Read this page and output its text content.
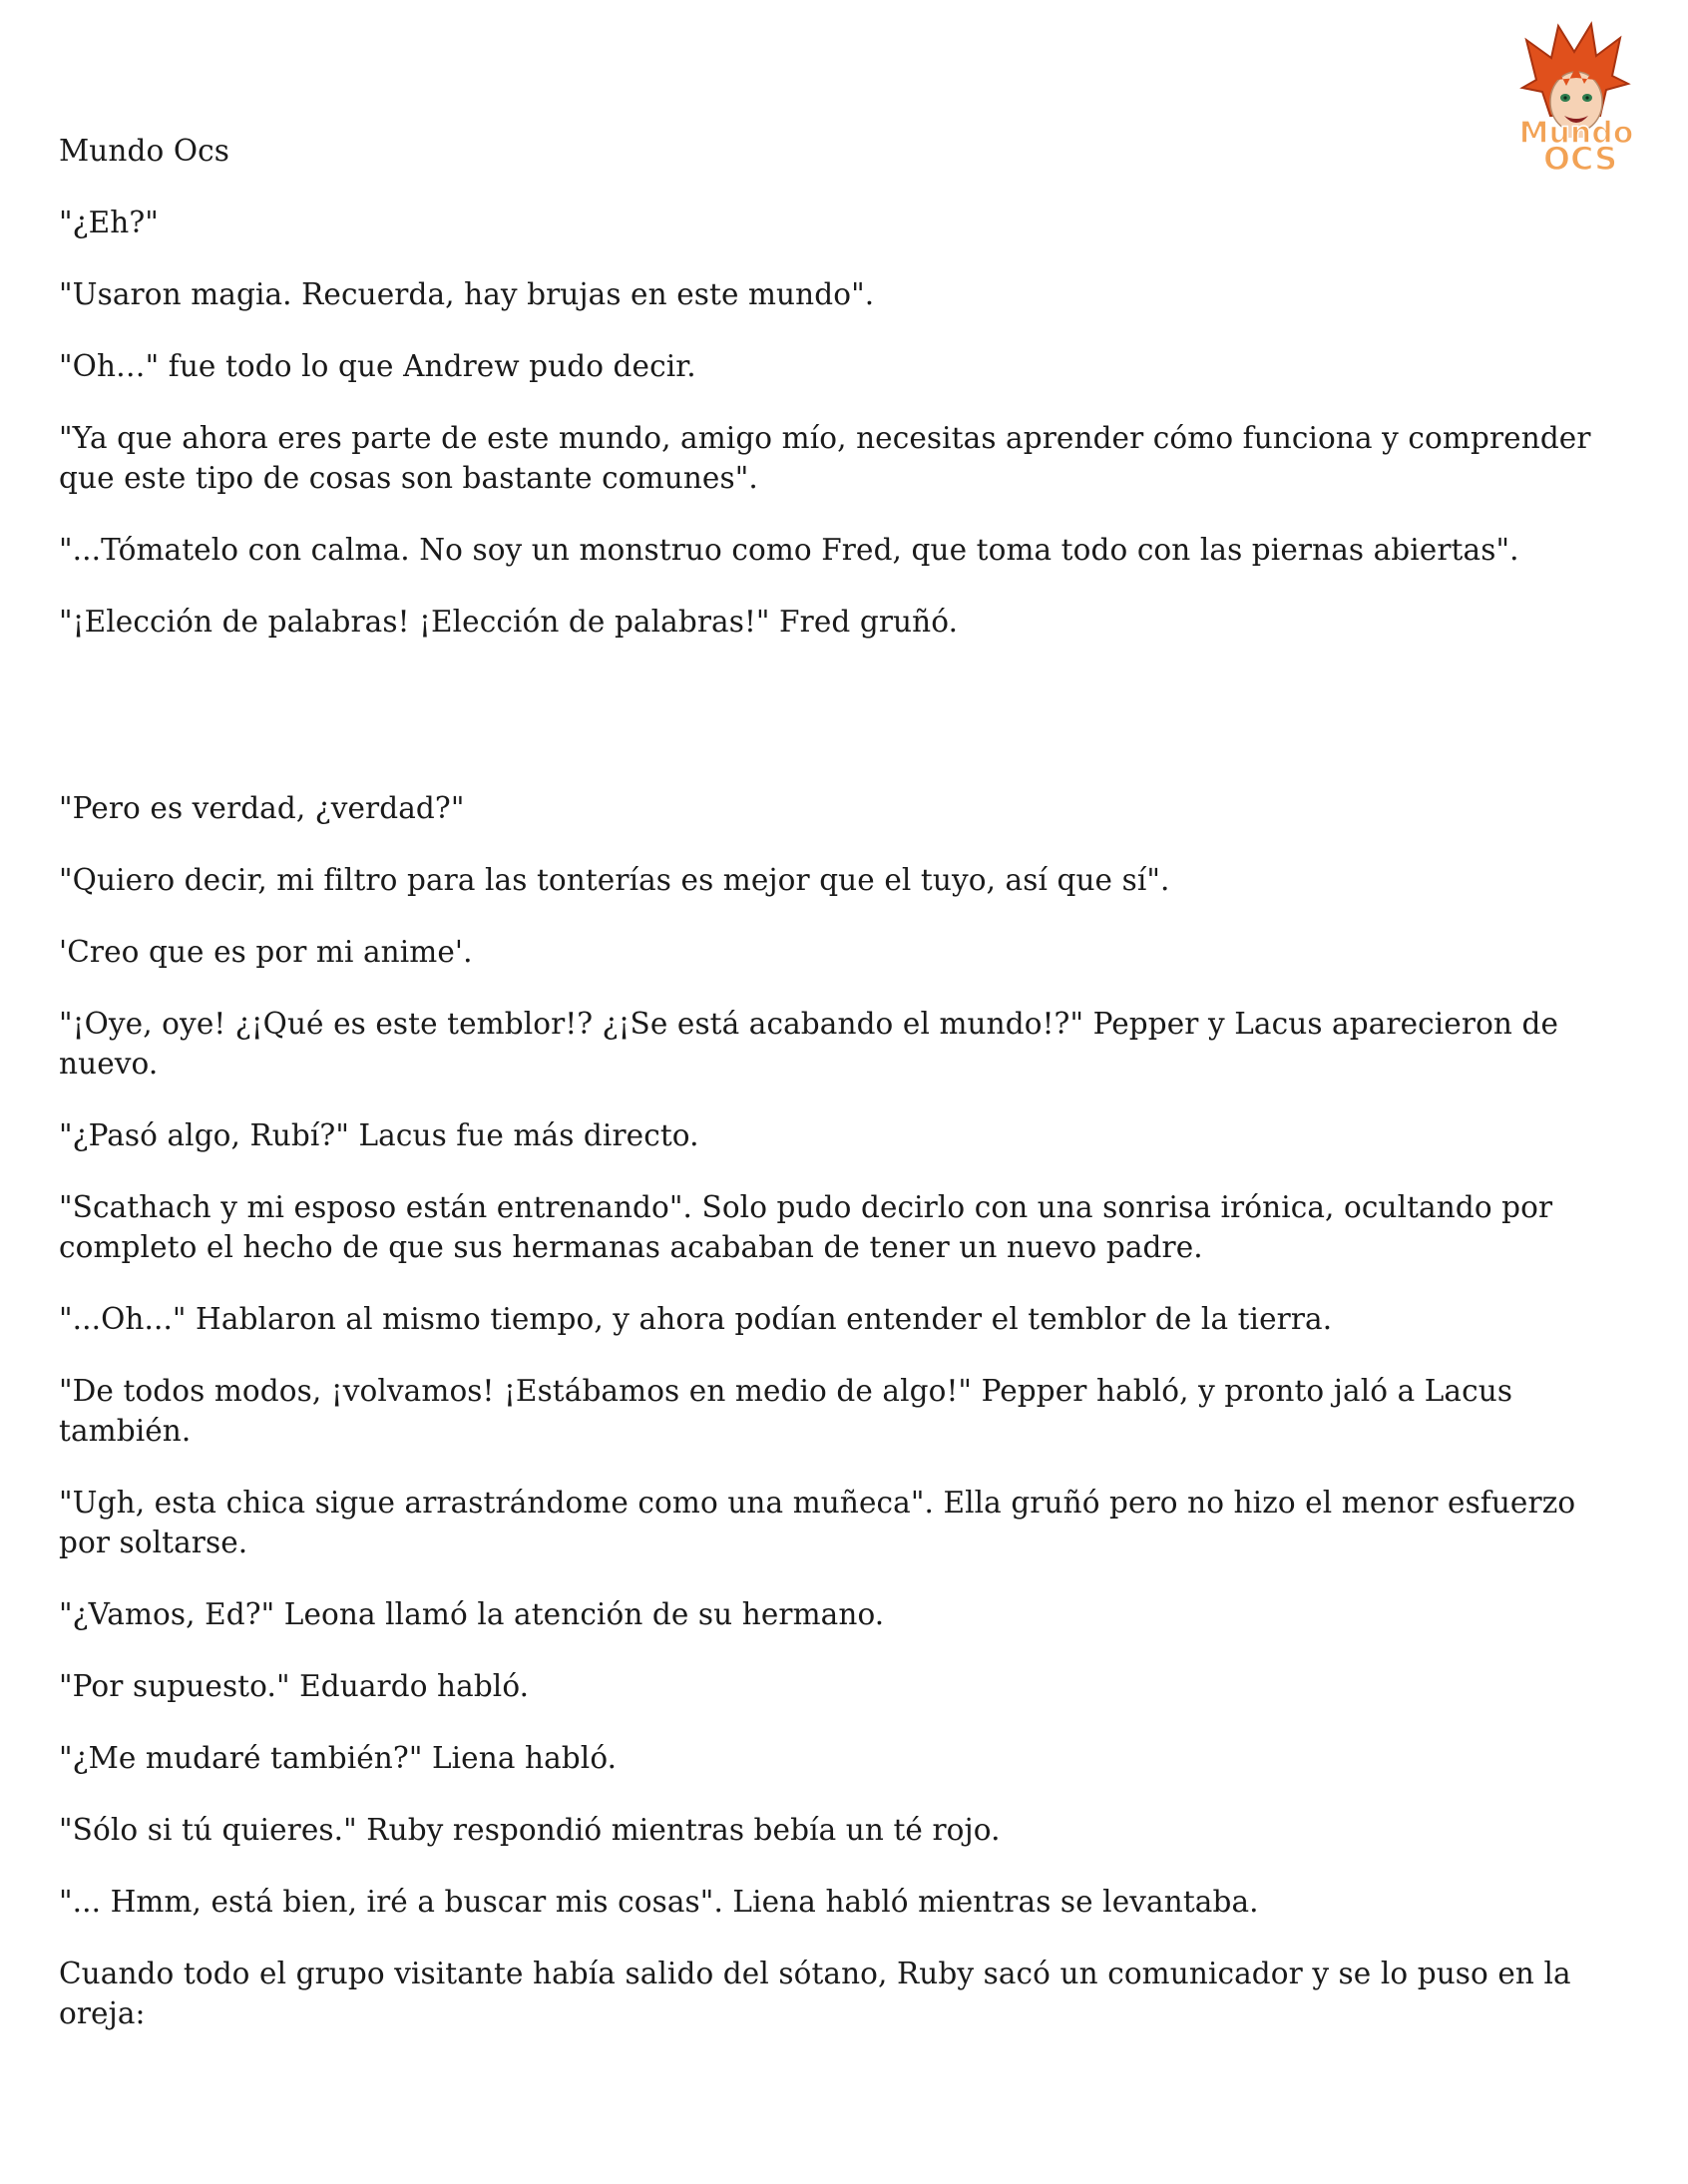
Mundo
OCS

Mundo Ocs

"¿Eh?"

"Usaron magia. Recuerda, hay brujas en este mundo".

"Oh…" fue todo lo que Andrew pudo decir.

"Ya que ahora eres parte de este mundo, amigo mío, necesitas aprender cómo funciona y comprender que este tipo de cosas son bastante comunes".

"...Tómatelo con calma. No soy un monstruo como Fred, que toma todo con las piernas abiertas".

"¡Elección de palabras! ¡Elección de palabras!" Fred gruñó.

"Pero es verdad, ¿verdad?"

"Quiero decir, mi filtro para las tonterías es mejor que el tuyo, así que sí".

'Creo que es por mi anime'.

"¡Oye, oye! ¿¡Qué es este temblor!? ¿¡Se está acabando el mundo!?" Pepper y Lacus aparecieron de nuevo.

"¿Pasó algo, Rubí?" Lacus fue más directo.

"Scathach y mi esposo están entrenando". Solo pudo decirlo con una sonrisa irónica, ocultando por completo el hecho de que sus hermanas acababan de tener un nuevo padre.

"...Oh..." Hablaron al mismo tiempo, y ahora podían entender el temblor de la tierra.

"De todos modos, ¡volvamos! ¡Estábamos en medio de algo!" Pepper habló, y pronto jaló a Lacus también.

"Ugh, esta chica sigue arrastrándome como una muñeca". Ella gruñó pero no hizo el menor esfuerzo por soltarse.

"¿Vamos, Ed?" Leona llamó la atención de su hermano.

"Por supuesto." Eduardo habló.

"¿Me mudaré también?" Liena habló.

"Sólo si tú quieres." Ruby respondió mientras bebía un té rojo.

"... Hmm, está bien, iré a buscar mis cosas". Liena habló mientras se levantaba.

Cuando todo el grupo visitante había salido del sótano, Ruby sacó un comunicador y se lo puso en la oreja:
